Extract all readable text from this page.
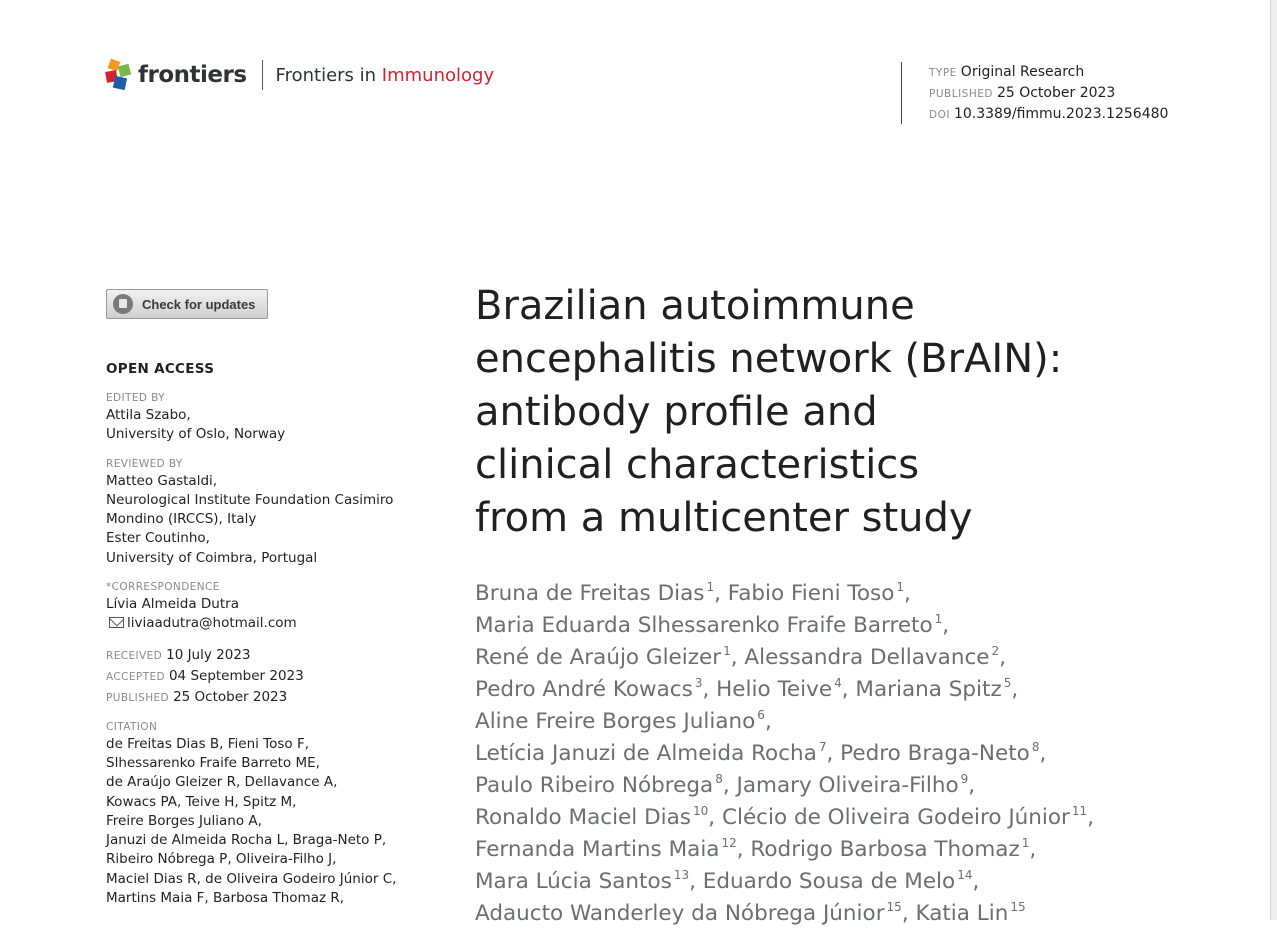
frontiers Frontiers in Immunology	TYPE Original Research
PUBLISHED 25 October 2023
DOI 10.3389/fimmu.2023.1256480
Check for updates
OPEN ACCESS
EDITED BY
Attila Szabo,
University of Oslo, Norway
REVIEWED BY
Matteo Gastaldi,
Neurological Institute Foundation Casimiro
Mondino (IRCCS), Italy
Ester Coutinho,
University of Coimbra, Portugal
*CORRESPONDENCE
Lívia Almeida Dutra
liviaadutra@hotmail.com
RECEIVED 10 July 2023
ACCEPTED 04 September 2023
PUBLISHED 25 October 2023
CITATION
de Freitas Dias B, Fieni Toso F,
Slhessarenko Fraife Barreto ME,
de Araújo Gleizer R, Dellavance A,
Kowacs PA, Teive H, Spitz M,
Freire Borges Juliano A,
Januzi de Almeida Rocha L, Braga-Neto P,
Ribeiro Nóbrega P, Oliveira-Filho J,
Maciel Dias R, de Oliveira Godeiro Júnior C,
Martins Maia F, Barbosa Thomaz R,
Brazilian autoimmune
encephalitis network (BrAIN):
antibody profile and
clinical characteristics
from a multicenter study
Bruna de Freitas Dias $^1$, Fabio Fieni Toso $^1$,
Maria Eduarda Slhessarenko Fraife Barreto $^1$,
René de Araújo Gleizer $^1$, Alessandra Dellavance $^2$,
Pedro André Kowacs $^3$, Helio Teive $^4$, Mariana Spitz $^5$,
Aline Freire Borges Juliano $^6$,
Letícia Januzi de Almeida Rocha $^7$, Pedro Braga-Neto $^8$,
Paulo Ribeiro Nóbrega $^8$, Jamary Oliveira-Filho $^9$,
Ronaldo Maciel Dias $^{10}$, Clécio de Oliveira Godeiro Júnior $^{11}$,
Fernanda Martins Maia $^{12}$, Rodrigo Barbosa Thomaz $^1$,
Mara Lúcia Santos $^{13}$, Eduardo Sousa de Melo $^{14}$,
Adaucto Wanderley da Nóbrega Júnior $^{15}$, Katia Lin $^{15}$
